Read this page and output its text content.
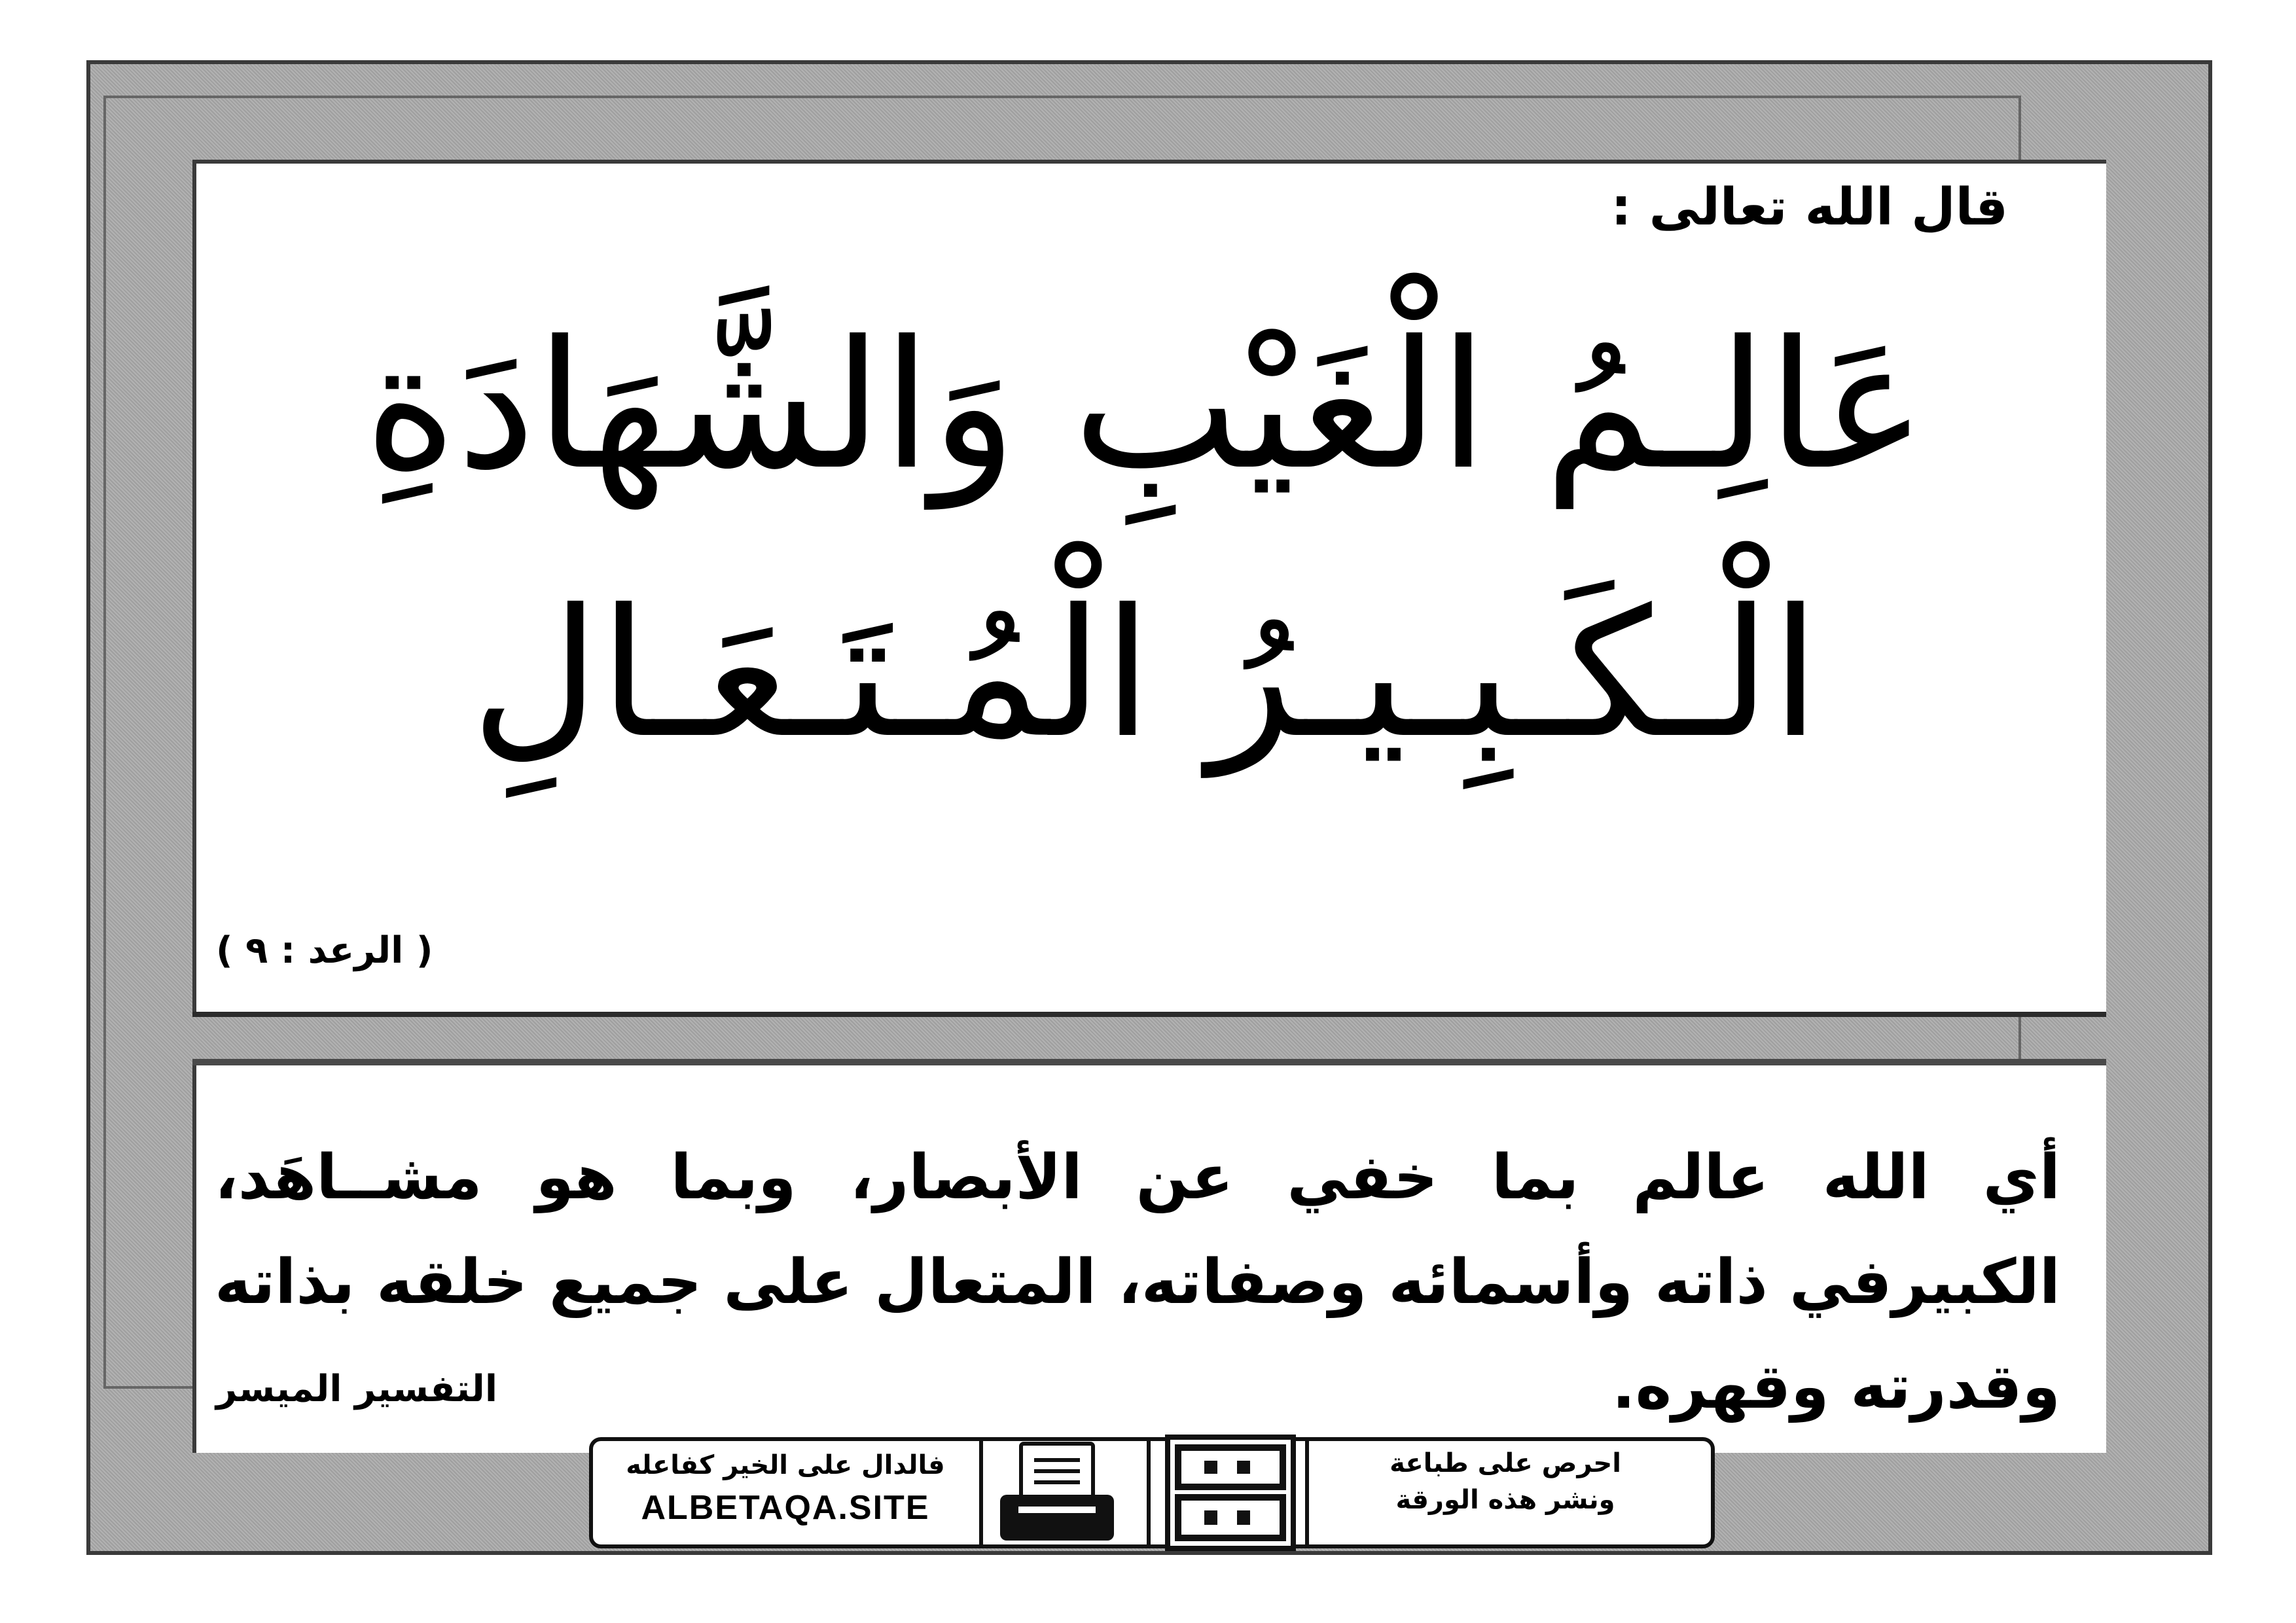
قال الله تعالى :
عَالِـمُ الْغَيْبِ وَالشَّهَادَةِ
الْـكَـبِـيـرُ الْمُـتَـعَـالِ
( الرعد : ٩ )
أي الله عالم بما خفي عن الأبصار، وبما هو مشــاهَد، الكبيرفي ذاته وأسمائه وصفاته، المتعال على جميع خلقه بذاته وقدرته وقهره.
التفسير الميسر
فالدال على الخير كفاعله
ALBETAQA.SITE
احرص على طباعة
ونشر هذه الورقة
